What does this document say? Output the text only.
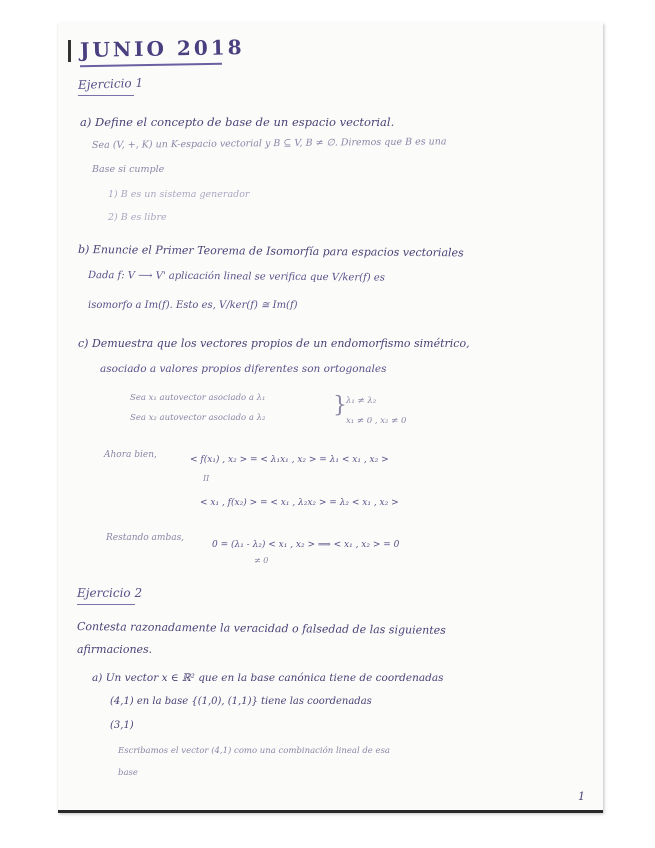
JUNIO 2018
Ejercicio 1
a) Define el concepto de base de un espacio vectorial.
Sea (V, +, K) un K-espacio vectorial y B ⊆ V, B ≠ ∅. Diremos que B es una
Base si cumple
1) B es un sistema generador
2) B es libre
b) Enuncie el Primer Teorema de Isomorfía para espacios vectoriales
Dada f: V ⟶ V' aplicación lineal se verifica que V/ker(f) es
isomorfo a Im(f). Esto es, V/ker(f) ≅ Im(f)
c) Demuestra que los vectores propios de un endomorfismo simétrico,
asociado a valores propios diferentes son ortogonales
Sea x₁ autovector asociado a λ₁
Sea x₂ autovector asociado a λ₂	} λ₁ ≠ λ₂
x₁ ≠ 0 , x₂ ≠ 0
Ahora bien,	< f(x₁) , x₂ > = < λ₁x₁ , x₂ > = λ₁ < x₁ , x₂ >
II
< x₁ , f(x₂) > = < x₁ , λ₂x₂ > = λ₂ < x₁ , x₂ >
Restando ambas,
0 = (λ₁ - λ₂) < x₁ , x₂ > ⟹ < x₁ , x₂ > = 0
≠ 0
Ejercicio 2
Contesta razonadamente la veracidad o falsedad de las siguientes
afirmaciones.
a) Un vector x ∈ ℝ² que en la base canónica tiene de coordenadas
(4,1) en la base {(1,0), (1,1)} tiene las coordenadas
(3,1)
Escribamos el vector (4,1) como una combinación lineal de esa
base
1
